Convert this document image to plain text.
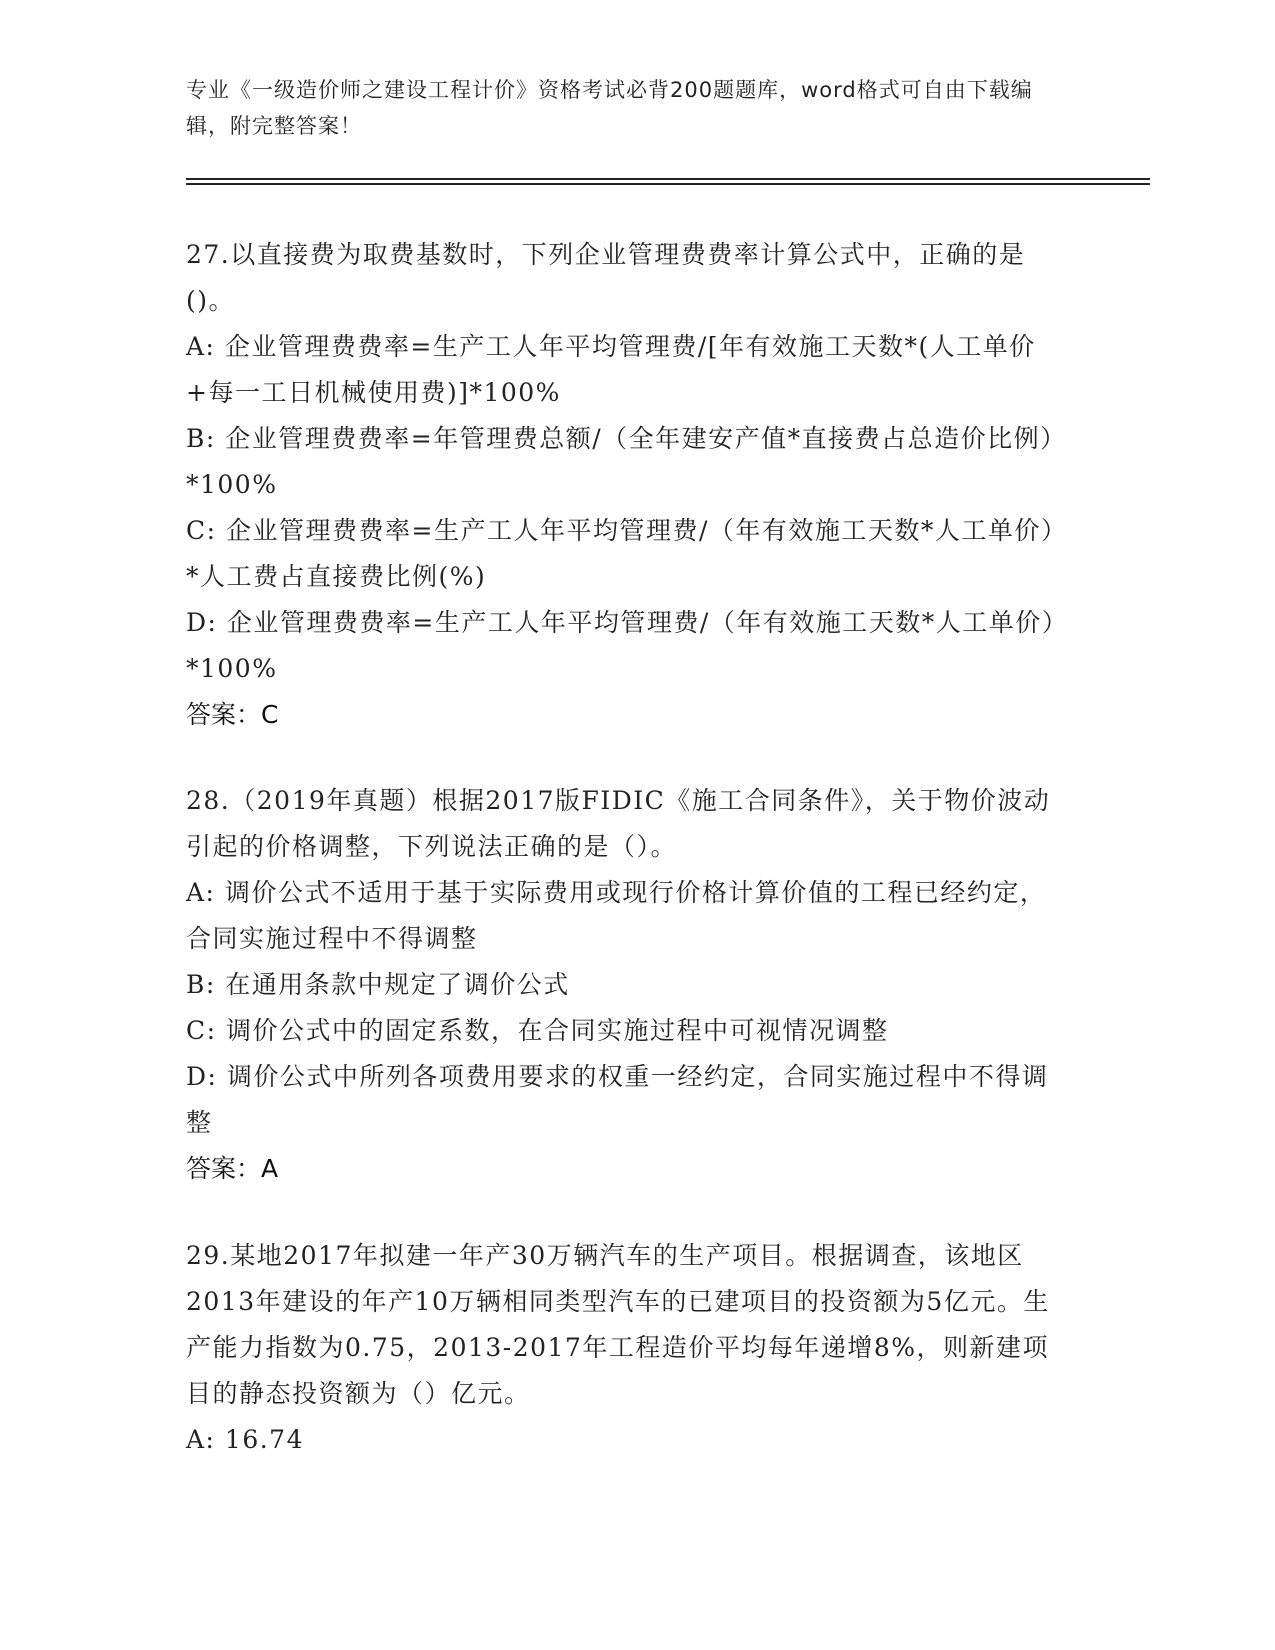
专业《一级造价师之建设工程计价》资格考试必背200题题库，word格式可自由下载编辑，附完整答案！

27.以直接费为取费基数时，下列企业管理费费率计算公式中，正确的是()。

A: 企业管理费费率=生产工人年平均管理费/[年有效施工天数*(人工单价+每一工日机械使用费)]*100%

B: 企业管理费费率=年管理费总额/（全年建安产值*直接费占总造价比例）*100%

C: 企业管理费费率=生产工人年平均管理费/（年有效施工天数*人工单价）*人工费占直接费比例(%)

D: 企业管理费费率=生产工人年平均管理费/（年有效施工天数*人工单价）*100%

答案：C

28.（2019年真题）根据2017版FIDIC《施工合同条件》，关于物价波动引起的价格调整，下列说法正确的是（）。

A: 调价公式不适用于基于实际费用或现行价格计算价值的工程已经约定，合同实施过程中不得调整

B: 在通用条款中规定了调价公式

C: 调价公式中的固定系数，在合同实施过程中可视情况调整

D: 调价公式中所列各项费用要求的权重一经约定，合同实施过程中不得调整

答案：A

29.某地2017年拟建一年产30万辆汽车的生产项目。根据调查，该地区2013年建设的年产10万辆相同类型汽车的已建项目的投资额为5亿元。生产能力指数为0.75，2013-2017年工程造价平均每年递增8%，则新建项目的静态投资额为（）亿元。

A: 16.74
